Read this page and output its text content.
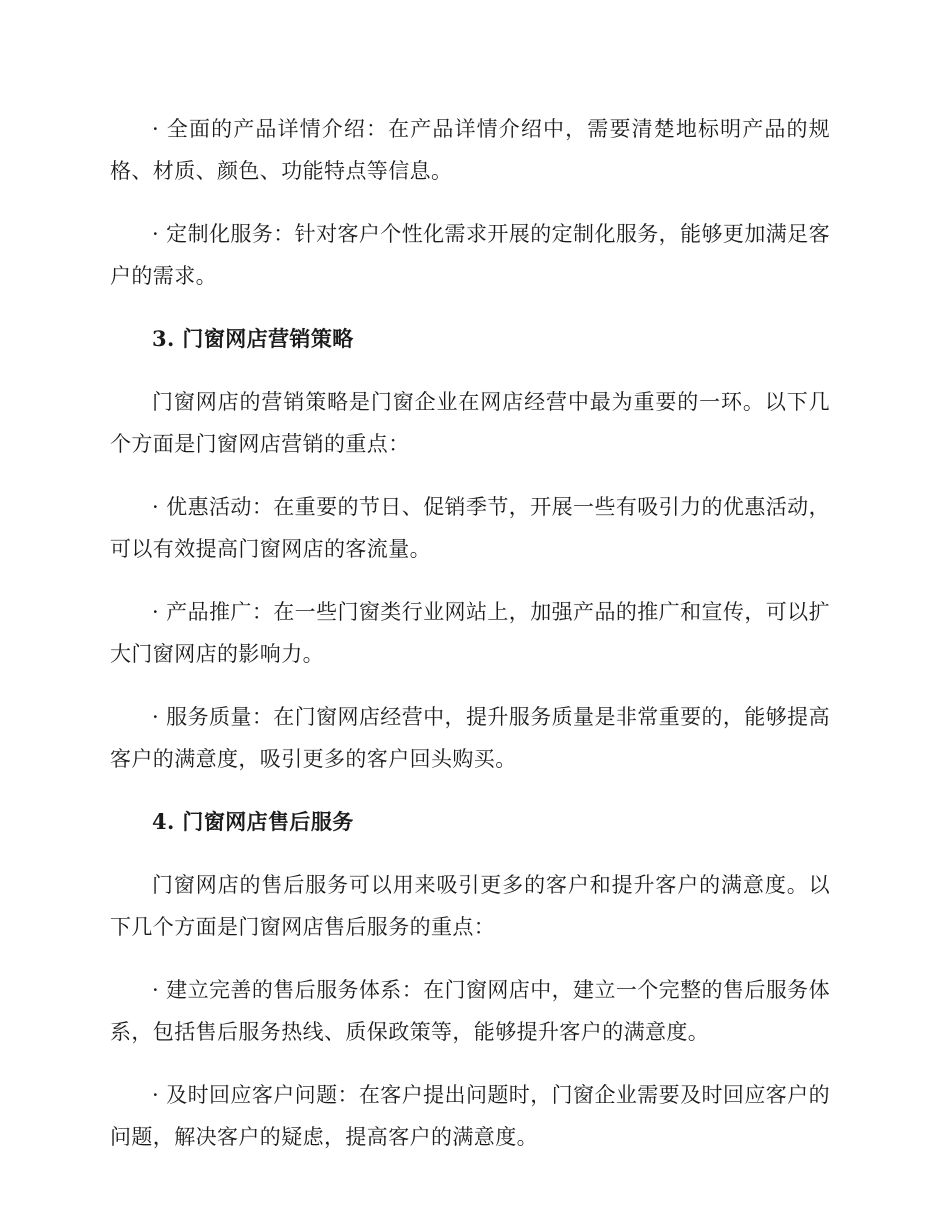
· 全面的产品详情介绍：在产品详情介绍中，需要清楚地标明产品的规格、材质、颜色、功能特点等信息。

· 定制化服务：针对客户个性化需求开展的定制化服务，能够更加满足客户的需求。

3. 门窗网店营销策略

门窗网店的营销策略是门窗企业在网店经营中最为重要的一环。以下几个方面是门窗网店营销的重点：

· 优惠活动：在重要的节日、促销季节，开展一些有吸引力的优惠活动，可以有效提高门窗网店的客流量。

· 产品推广：在一些门窗类行业网站上，加强产品的推广和宣传，可以扩大门窗网店的影响力。

· 服务质量：在门窗网店经营中，提升服务质量是非常重要的，能够提高客户的满意度，吸引更多的客户回头购买。

4. 门窗网店售后服务

门窗网店的售后服务可以用来吸引更多的客户和提升客户的满意度。以下几个方面是门窗网店售后服务的重点：

· 建立完善的售后服务体系：在门窗网店中，建立一个完整的售后服务体系，包括售后服务热线、质保政策等，能够提升客户的满意度。

· 及时回应客户问题：在客户提出问题时，门窗企业需要及时回应客户的问题，解决客户的疑虑，提高客户的满意度。
